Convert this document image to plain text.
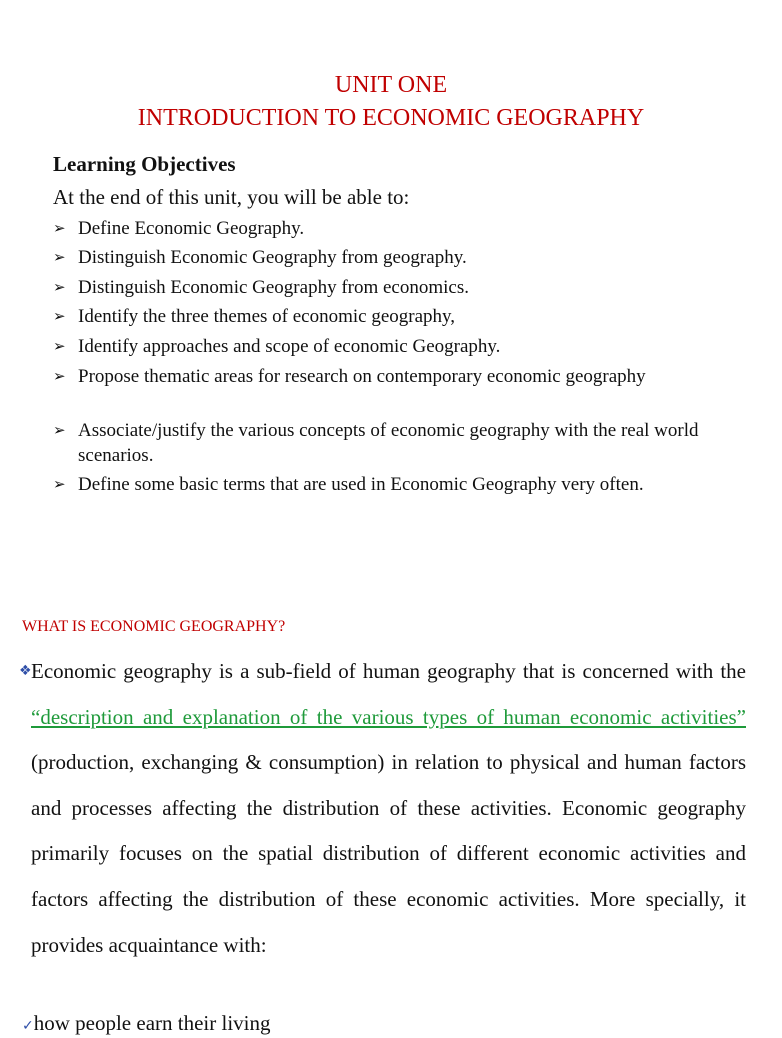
UNIT ONE
INTRODUCTION TO ECONOMIC GEOGRAPHY
Learning Objectives
At the end of this unit, you will be able to:
➢ Define Economic Geography.
➢ Distinguish Economic Geography from geography.
➢ Distinguish Economic Geography from economics.
➢ Identify the three themes of economic geography,
➢ Identify approaches and scope of economic Geography.
➢ Propose thematic areas for research on contemporary economic geography
➢ Associate/justify the various concepts of economic geography with the real world scenarios.
➢ Define some basic terms that are used in Economic Geography very often.
WHAT IS ECONOMIC GEOGRAPHY?
❖ Economic geography is a sub-field of human geography that is concerned with the “description and explanation of the various types of human economic activities” (production, exchanging & consumption) in relation to physical and human factors and processes affecting the distribution of these activities. Economic geography primarily focuses on the spatial distribution of different economic activities and factors affecting the distribution of these economic activities. More specially, it provides acquaintance with:

✓how people earn their living
